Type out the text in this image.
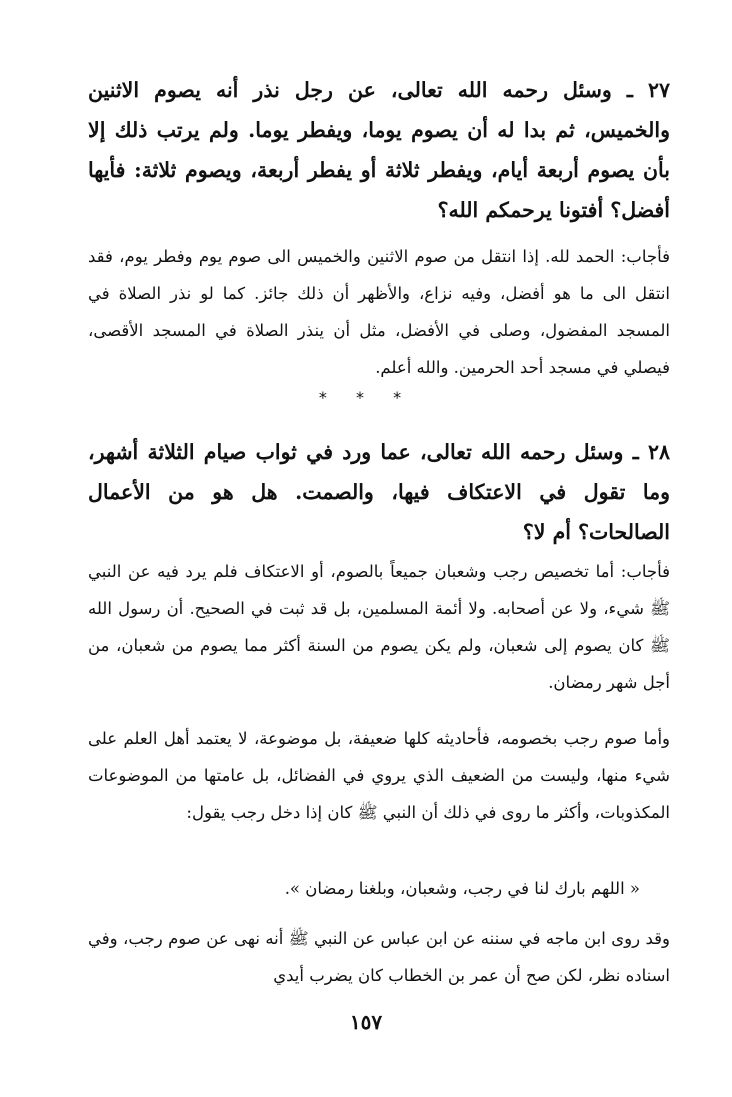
٢٧ ـ وسئل رحمه الله تعالى، عن رجل نذر أنه يصوم الاثنين والخميس، ثم بدا له أن يصوم يوما، ويفطر يوما. ولم يرتب ذلك إلا بأن يصوم أربعة أيام، ويفطر ثلاثة أو يفطر أربعة، ويصوم ثلاثة: فأيها أفضل؟ أفتونا يرحمكم الله؟

فأجاب: الحمد لله. إذا انتقل من صوم الاثنين والخميس الى صوم يوم وفطر يوم، فقد انتقل الى ما هو أفضل، وفيه نزاع، والأظهر أن ذلك جائز. كما لو نذر الصلاة في المسجد المفضول، وصلى في الأفضل، مثل أن ينذر الصلاة في المسجد الأقصى، فيصلي في مسجد أحد الحرمين. والله أعلم.

* * *

٢٨ ـ وسئل رحمه الله تعالى، عما ورد في ثواب صيام الثلاثة أشهر، وما تقول في الاعتكاف فيها، والصمت. هل هو من الأعمال الصالحات؟ أم لا؟

فأجاب: أما تخصيص رجب وشعبان جميعاً بالصوم، أو الاعتكاف فلم يرد فيه عن النبي ﷺ شيء، ولا عن أصحابه. ولا أئمة المسلمين، بل قد ثبت في الصحيح. أن رسول الله ﷺ كان يصوم إلى شعبان، ولم يكن يصوم من السنة أكثر مما يصوم من شعبان، من أجل شهر رمضان.

وأما صوم رجب بخصومه، فأحاديثه كلها ضعيفة، بل موضوعة، لا يعتمد أهل العلم على شيء منها، وليست من الضعيف الذي يروي في الفضائل، بل عامتها من الموضوعات المكذوبات، وأكثر ما روى في ذلك أن النبي ﷺ كان إذا دخل رجب يقول:

« اللهم بارك لنا في رجب، وشعبان، وبلغنا رمضان ».

وقد روى ابن ماجه في سننه عن ابن عباس عن النبي ﷺ أنه نهى عن صوم رجب، وفي اسناده نظر، لكن صح أن عمر بن الخطاب كان يضرب أيدي

١٥٧
